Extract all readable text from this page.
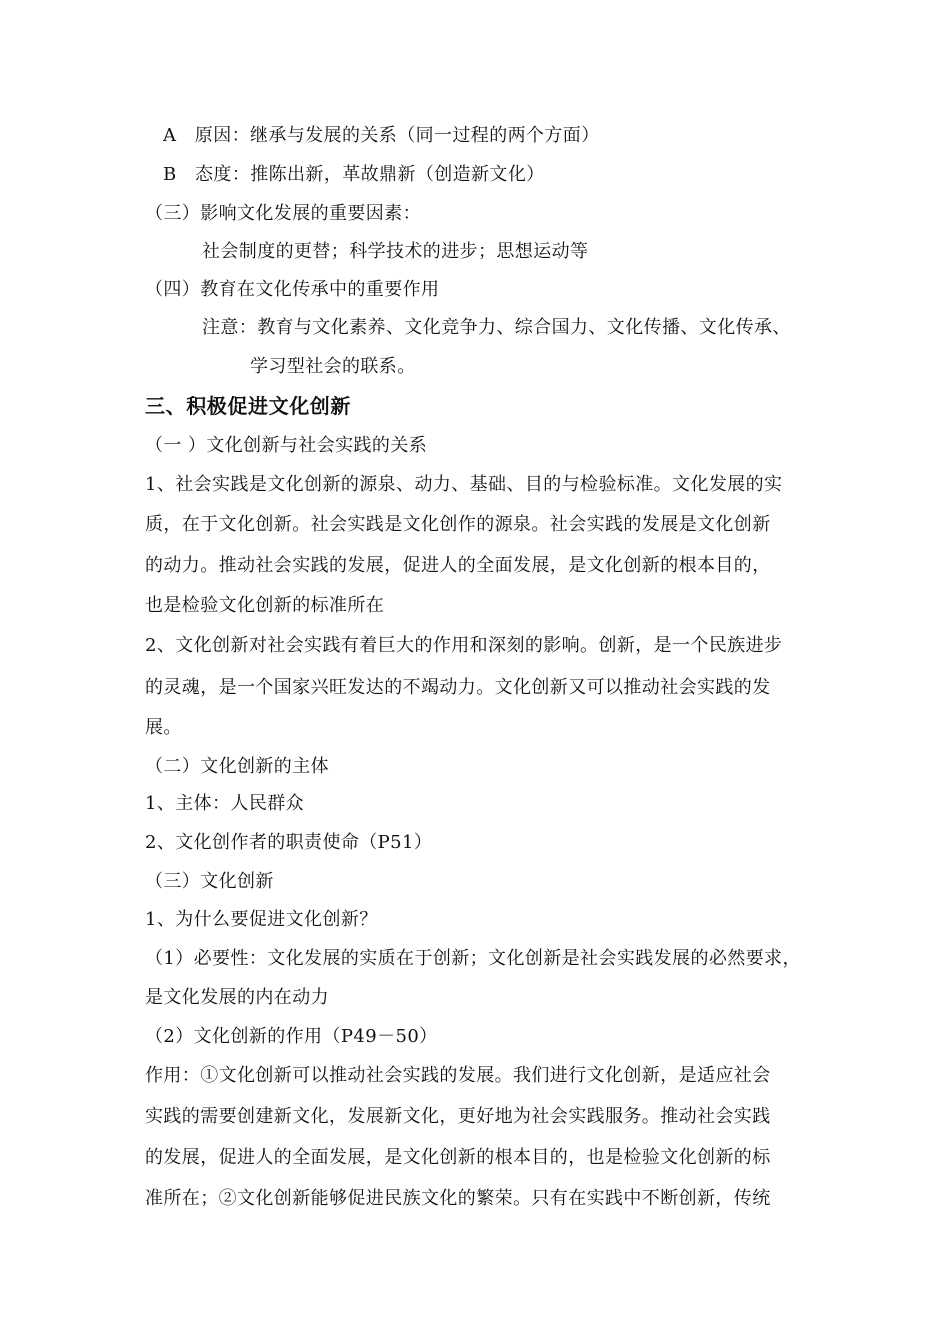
A　原因：继承与发展的关系（同一过程的两个方面）
B　态度：推陈出新，革故鼎新（创造新文化）
（三）影响文化发展的重要因素：
社会制度的更替；科学技术的进步；思想运动等
（四）教育在文化传承中的重要作用
注意：教育与文化素养、文化竞争力、综合国力、文化传播、文化传承、
学习型社会的联系。
三、积极促进文化创新
（一 ）文化创新与社会实践的关系
1、社会实践是文化创新的源泉、动力、基础、目的与检验标准。文化发展的实
质，在于文化创新。社会实践是文化创作的源泉。社会实践的发展是文化创新
的动力。推动社会实践的发展，促进人的全面发展，是文化创新的根本目的，
也是检验文化创新的标准所在
2、文化创新对社会实践有着巨大的作用和深刻的影响。创新，是一个民族进步
的灵魂，是一个国家兴旺发达的不竭动力。文化创新又可以推动社会实践的发
展。
（二）文化创新的主体
1、主体：人民群众
2、文化创作者的职责使命（P51）
（三）文化创新
1、为什么要促进文化创新？
（1）必要性：文化发展的实质在于创新；文化创新是社会实践发展的必然要求，
是文化发展的内在动力
（2）文化创新的作用（P49－50）
作用：①文化创新可以推动社会实践的发展。我们进行文化创新，是适应社会
实践的需要创建新文化，发展新文化，更好地为社会实践服务。推动社会实践
的发展，促进人的全面发展，是文化创新的根本目的，也是检验文化创新的标
准所在；②文化创新能够促进民族文化的繁荣。只有在实践中不断创新，传统
